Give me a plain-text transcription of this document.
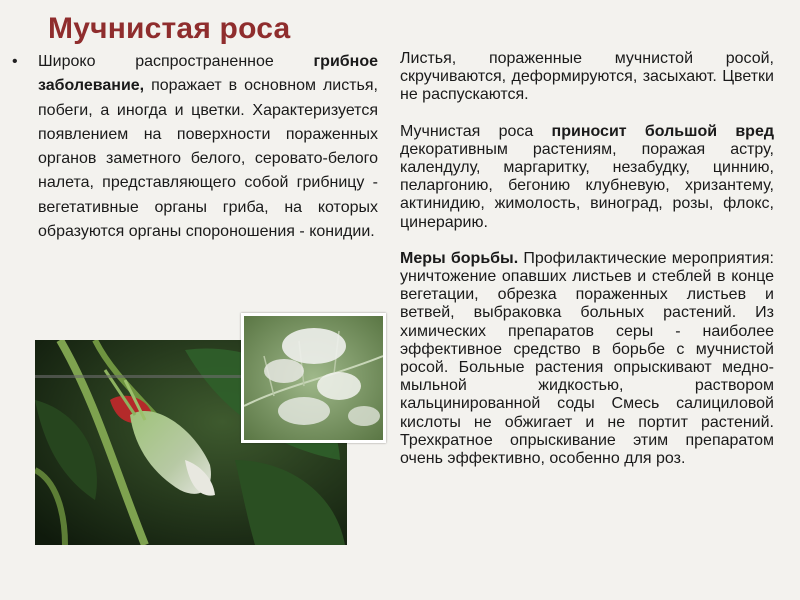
Мучнистая роса
• Широко распространенное грибное заболевание, поражает в основном листья, побеги, а иногда и цветки. Характеризуется появлением на поверхности пораженных органов заметного белого, серовато-белого налета, представляющего собой грибницу - вегетативные органы гриба, на которых образуются органы спороношения - конидии.

Листья, пораженные мучнистой росой, скручиваются, деформируются, засыхают. Цветки не распускаются.

Мучнистая роса приносит большой вред декоративным растениям, поражая астру, календулу, маргаритку, незабудку, циннию, пеларгонию, бегонию клубневую, хризантему, актинидию, жимолость, виноград, розы, флокс, цинерарию.

Меры борьбы. Профилактические мероприятия: уничтожение опавших листьев и стеблей в конце вегетации, обрезка пораженных листьев и ветвей, выбраковка больных растений. Из химических препаратов серы - наиболее эффективное средство в борьбе с мучнистой росой. Больные растения опрыскивают медно-мыльной жидкостью, раствором кальцинированной соды Смесь салициловой кислоты не обжигает и не портит растений. Трехкратное опрыскивание этим препаратом очень эффективно, особенно для роз.
